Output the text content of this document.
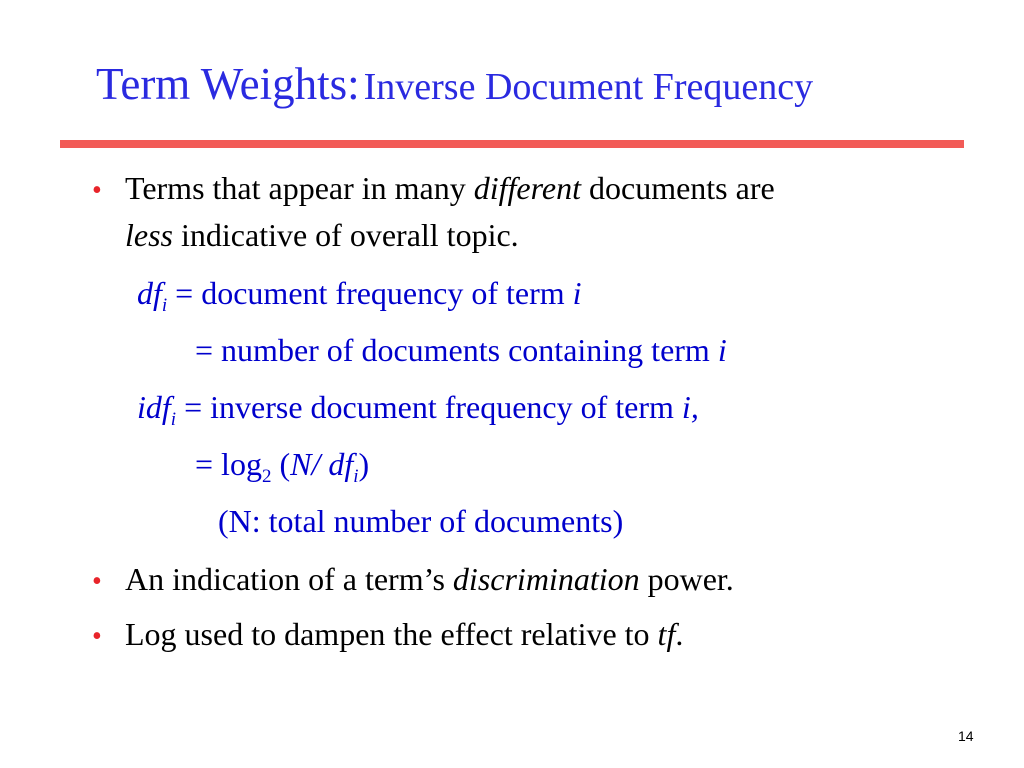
Term Weights: Inverse Document Frequency
• Terms that appear in many different documents are
less indicative of overall topic.
$df_i$ = document frequency of term i
= number of documents containing term i
idf$_i$ = inverse document frequency of term i,
= $\log_2 (N/$ $df_i$)
(N: total number of documents)
• An indication of a term’s discrimination power.
• Log used to dampen the effect relative to tf.
14
